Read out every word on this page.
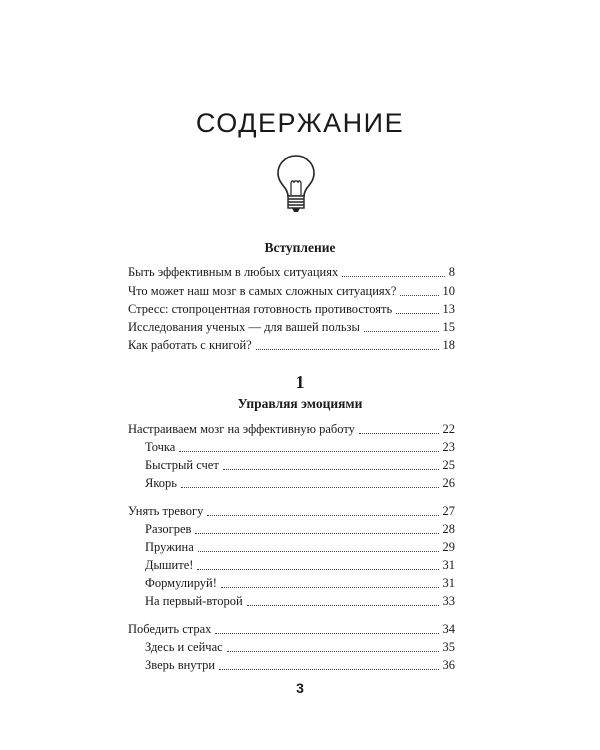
СОДЕРЖАНИЕ
Вступление
Быть эффективным в любых ситуациях	8
Что может наш мозг в самых сложных ситуациях?	10
Стресс: стопроцентная готовность противостоять	13
Исследования ученых — для вашей пользы	15
Как работать с книгой?	18
1
Управляя эмоциями
Настраиваем мозг на эффективную работу	22
Точка	23
Быстрый счет	25
Якорь	26
Унять тревогу	27
Разогрев	28
Пружина	29
Дышите!	31
Формулируй!	31
На первый-второй	33
Победить страх	34
Здесь и сейчас	35
Зверь внутри	36
3
